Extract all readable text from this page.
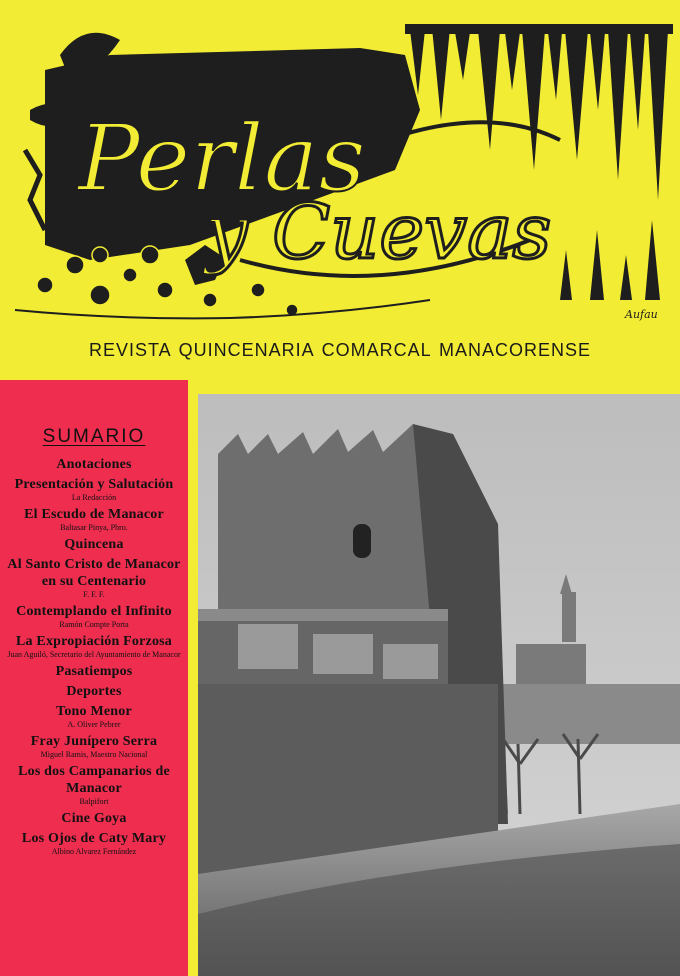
Perlas
y Cuevas
Aufau
REVISTA QUINCENARIA COMARCAL MANACORENSE
SUMARIO
Anotaciones
Presentación y Salutación
La Redacción
El Escudo de Manacor
Baltasar Pinya, Pbro.
Quincena
Al Santo Cristo de Manacor en su Centenario
F. F. F.
Contemplando el Infinito
Ramón Compte Porta
La Expropiación Forzosa
Juan Aguiló, Secretario del Ayuntamiento de Manacor
Pasatiempos
Deportes
Tono Menor
A. Oliver Pebrer
Fray Junípero Serra
Miguel Ramis, Maestro Nacional
Los dos Campanarios de Manacor
Balpifort
Cine Goya
Los Ojos de Caty Mary
Albino Alvarez Fernández
